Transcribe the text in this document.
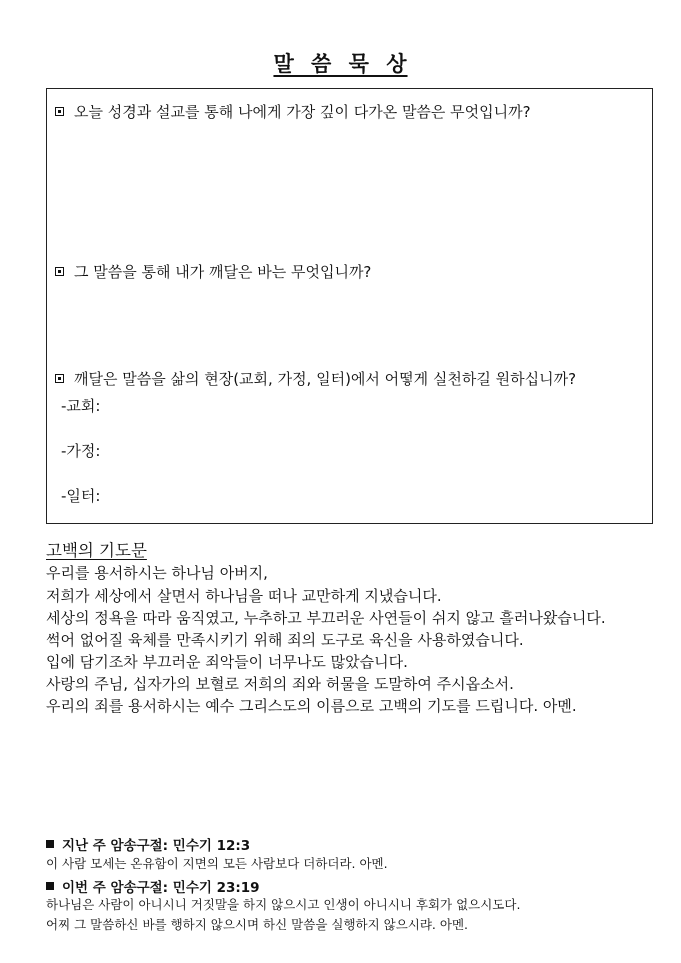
말 씀 묵 상
오늘 성경과 설교를 통해 나에게 가장 깊이 다가온 말씀은 무엇입니까?
그 말씀을 통해 내가 깨달은 바는 무엇입니까?
깨달은 말씀을 삶의 현장(교회, 가정, 일터)에서 어떻게 실천하길 원하십니까?
-교회:
-가정:
-일터:
고백의 기도문
우리를 용서하시는 하나님 아버지,
저희가 세상에서 살면서 하나님을 떠나 교만하게 지냈습니다.
세상의 정욕을 따라 움직였고, 누추하고 부끄러운 사연들이 쉬지 않고 흘러나왔습니다.
썩어 없어질 육체를 만족시키기 위해 죄의 도구로 육신을 사용하였습니다.
입에 담기조차 부끄러운 죄악들이 너무나도 많았습니다.
사랑의 주님, 십자가의 보혈로 저희의 죄와 허물을 도말하여 주시옵소서.
우리의 죄를 용서하시는 예수 그리스도의 이름으로 고백의 기도를 드립니다. 아멘.
지난 주 암송구절: 민수기 12:3
이 사람 모세는 온유함이 지면의 모든 사람보다 더하더라. 아멘.
이번 주 암송구절: 민수기 23:19
하나님은 사람이 아니시니 거짓말을 하지 않으시고 인생이 아니시니 후회가 없으시도다.
어찌 그 말씀하신 바를 행하지 않으시며 하신 말씀을 실행하지 않으시랴. 아멘.
